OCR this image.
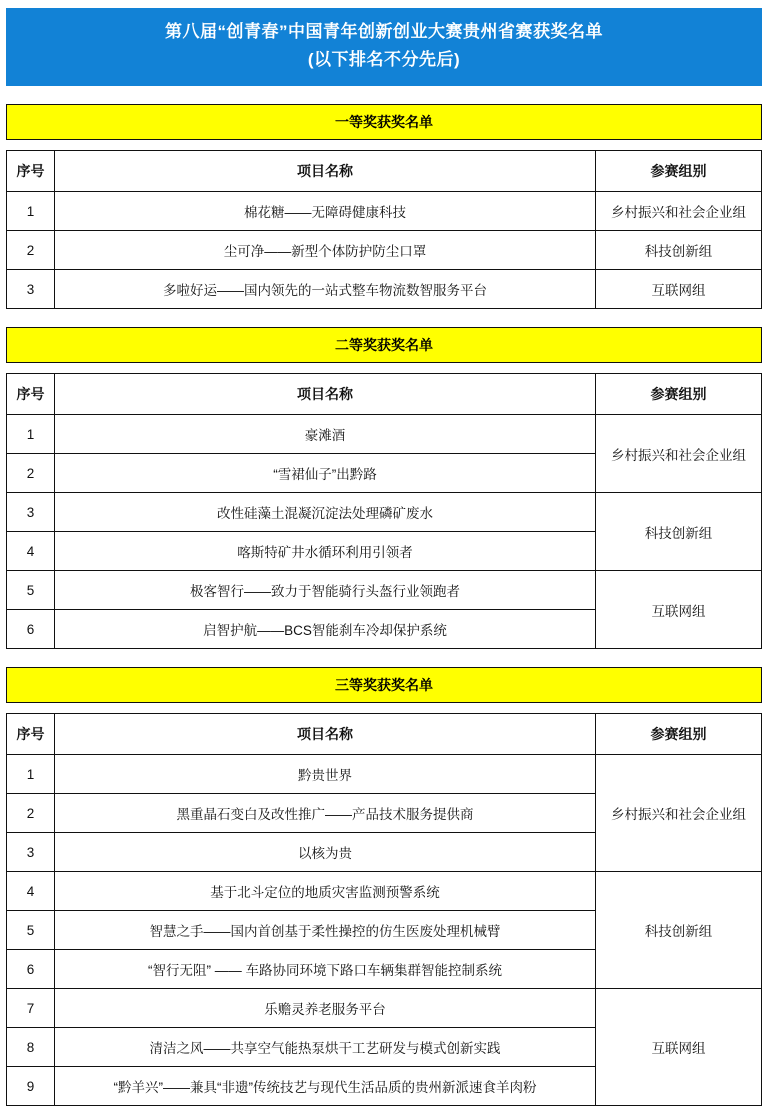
第八届“创青春”中国青年创新创业大赛贵州省赛获奖名单
(以下排名不分先后)
一等奖获奖名单
序号	项目名称	参赛组别
1	棉花糖——无障碍健康科技	乡村振兴和社会企业组
2	尘可净——新型个体防护防尘口罩	科技创新组
3	多啦好运——国内领先的一站式整车物流数智服务平台	互联网组
二等奖获奖名单
序号	项目名称	参赛组别
1	豪滩酒	乡村振兴和社会企业组
2	“雪裙仙子”出黔路	
3	改性硅藻土混凝沉淀法处理磷矿废水	科技创新组
4	喀斯特矿井水循环利用引领者	
5	极客智行——致力于智能骑行头盔行业领跑者	互联网组
6	启智护航——BCS智能刹车冷却保护系统	
三等奖获奖名单
序号	项目名称	参赛组别
1	黔贵世界	乡村振兴和社会企业组
2	黑重晶石变白及改性推广——产品技术服务提供商	
3	以核为贵	
4	基于北斗定位的地质灾害监测预警系统	科技创新组
5	智慧之手——国内首创基于柔性操控的仿生医废处理机械臂	
6	“智行无阻” —— 车路协同环境下路口车辆集群智能控制系统	
7	乐赡灵养老服务平台	互联网组
8	清洁之风——共享空气能热泵烘干工艺研发与模式创新实践	
9	“黔羊兴”——兼具“非遗”传统技艺与现代生活品质的贵州新派速食羊肉粉	
